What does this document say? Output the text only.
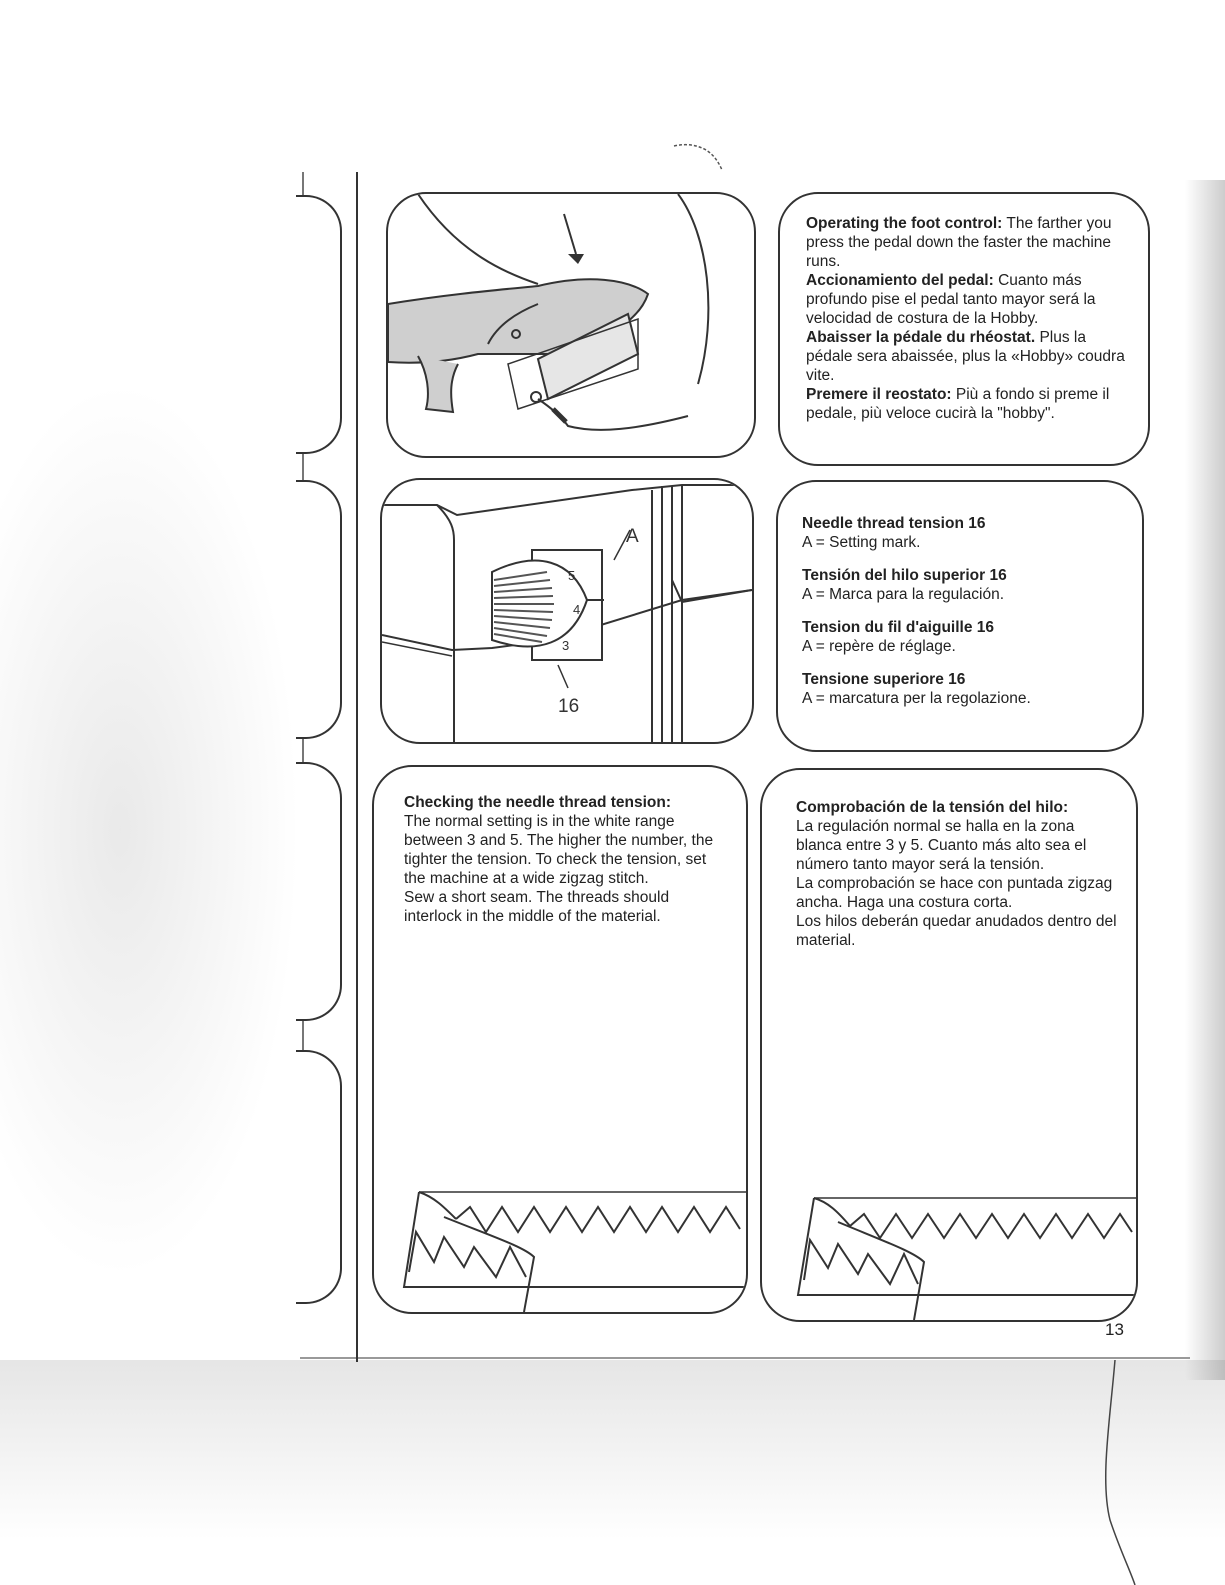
Operating the foot control: The farther you press the pedal down the faster the machine runs.

Accionamiento del pedal: Cuanto más profundo pise el pedal tanto mayor será la velocidad de costura de la Hobby.

Abaisser la pédale du rhéostat. Plus la pédale sera abaissée, plus la «Hobby» coudra vite.

Premere il reostato: Più a fondo si preme il pedale, più veloce cucirà la "hobby".

A
5
4
3
16

Needle thread tension 16

A = Setting mark.

Tensión del hilo superior 16

A = Marca para la regulación.

Tension du fil d'aiguille 16

A = repère de réglage.

Tensione superiore 16

A = marcatura per la regolazione.

Checking the needle thread tension:

The normal setting is in the white range between 3 and 5. The higher the number, the tighter the tension. To check the tension, set the machine at a wide zigzag stitch.

Sew a short seam. The threads should interlock in the middle of the material.

Comprobación de la tensión del hilo:

La regulación normal se halla en la zona blanca entre 3 y 5. Cuanto más alto sea el número tanto mayor será la tensión.

La comprobación se hace con puntada zigzag ancha. Haga una costura corta.

Los hilos deberán quedar anudados dentro del material.

13
